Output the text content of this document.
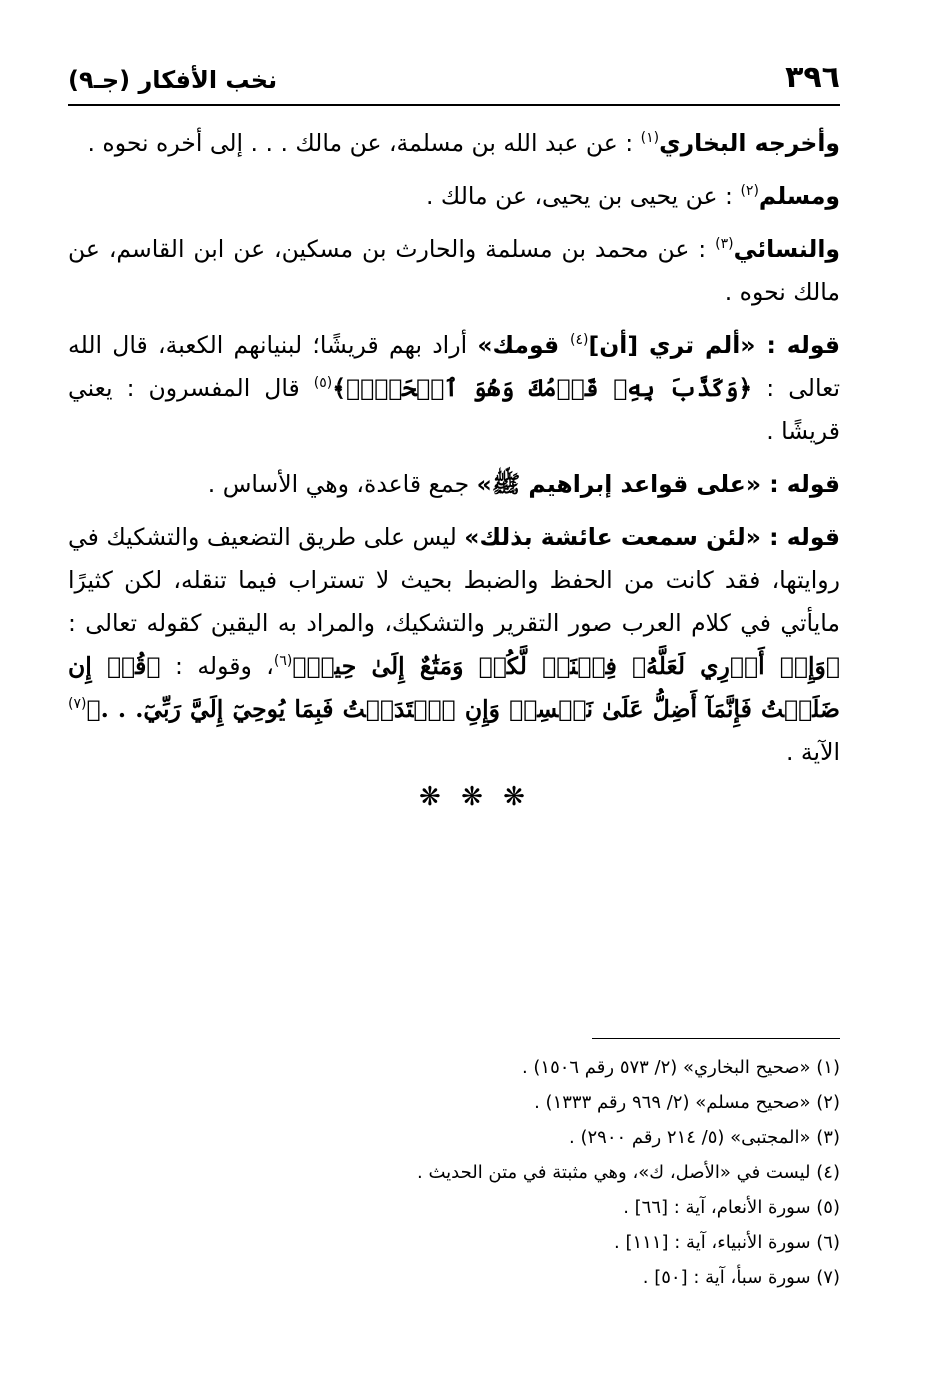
٣٩٦
نخب الأفكار (جـ٩)

وأخرجه البخاري$^{(١)}$ : عن عبد الله بن مسلمة، عن مالك . . . إلى أخره نحوه .

ومسلم$^{(٢)}$ : عن يحيى بن يحيى، عن مالك .

والنسائي$^{(٣)}$ : عن محمد بن مسلمة والحارث بن مسكين، عن ابن القاسم، عن مالك نحوه .

قوله : «ألم تري [أن]$^{(٤)}$ قومك» أراد بهم قريشًا؛ لبنيانهم الكعبة، قال الله تعالى : ﴿وَكَذَّبَ بِهِۦ قَوۡمُكَ وَهُوَ ٱلۡحَقُّۚ﴾$^{(٥)}$ قال المفسرون : يعني قريشًا .

قوله : «على قواعد إبراهيم ﷺ» جمع قاعدة، وهي الأساس .

قوله : «لئن سمعت عائشة بذلك» ليس على طريق التضعيف والتشكيك في روايتها، فقد كانت من الحفظ والضبط بحيث لا تستراب فيما تنقله، لكن كثيرًا مايأتي في كلام العرب صور التقرير والتشكيك، والمراد به اليقين كقوله تعالى : ﴿وَإِنۡ أَدۡرِي لَعَلَّهُۥ فِتۡنَةٞ لَّكُمۡ وَمَتَٰعٌ إِلَىٰ حِينٖ﴾$^{(٦)}$، وقوله : ﴿قُلۡ إِن ضَلَلۡتُ فَإِنَّمَآ أَضِلُّ عَلَىٰ نَفۡسِيۖ وَإِنِ ٱهۡتَدَيۡتُ فَبِمَا يُوحِيٓ إِلَيَّ رَبِّيٓ. . .﴾$^{(٧)}$ الآية .

❋ ❋ ❋
(١) «صحيح البخاري» (٢/ ٥٧٣ رقم ١٥٠٦) .
(٢) «صحيح مسلم» (٢/ ٩٦٩ رقم ١٣٣٣) .
(٣) «المجتبى» (٥/ ٢١٤ رقم ٢٩٠٠) .
(٤) ليست في «الأصل، ك»، وهي مثبتة في متن الحديث .
(٥) سورة الأنعام، آية : [٦٦] .
(٦) سورة الأنبياء، آية : [١١١] .
(٧) سورة سبأ، آية : [٥٠] .
